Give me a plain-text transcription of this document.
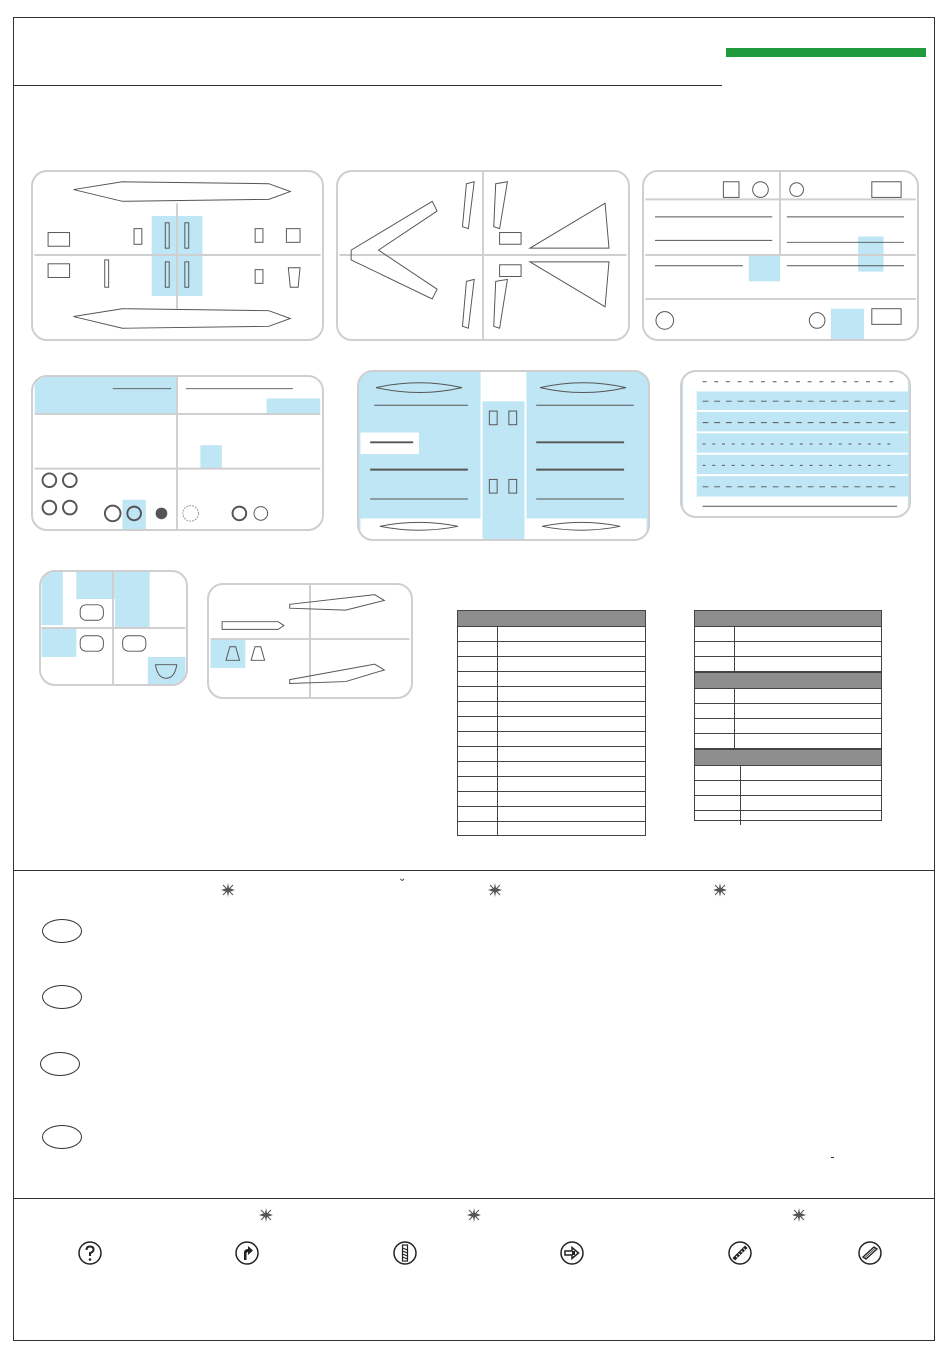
⌄
